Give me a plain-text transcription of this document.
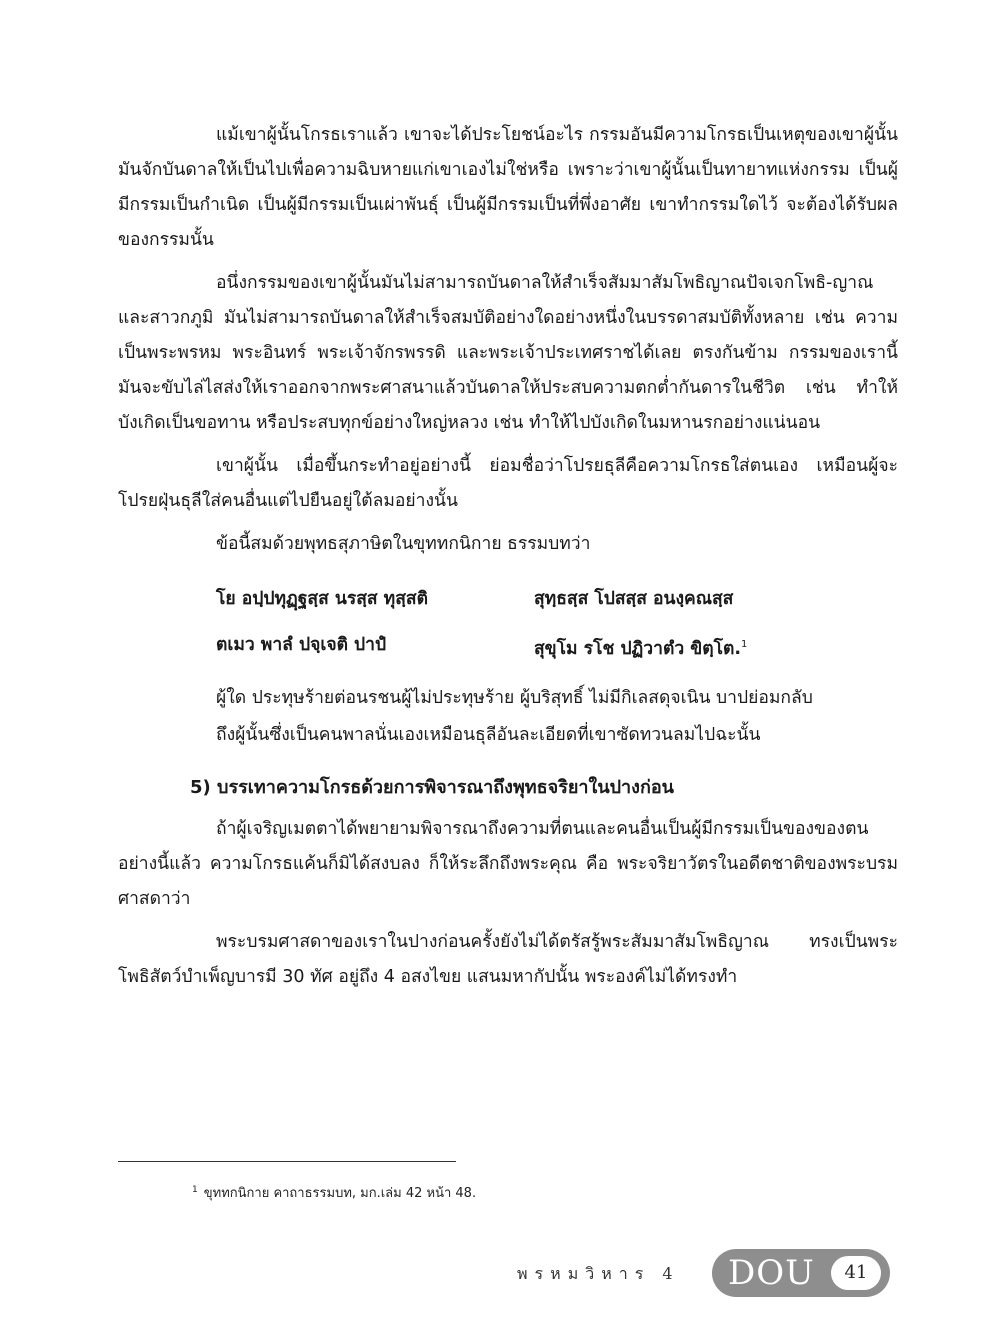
แม้เขาผู้นั้นโกรธเราแล้ว เขาจะได้ประโยชน์อะไร กรรมอันมีความโกรธเป็นเหตุของเขาผู้นั้น มันจักบันดาลให้เป็นไปเพื่อความฉิบหายแก่เขาเองไม่ใช่หรือ เพราะว่าเขาผู้นั้นเป็นทายาทแห่งกรรม เป็นผู้มีกรรมเป็นกำเนิด เป็นผู้มีกรรมเป็นเผ่าพันธุ์ เป็นผู้มีกรรมเป็นที่พึ่งอาศัย เขาทำกรรมใดไว้ จะต้องได้รับผลของกรรมนั้น

อนึ่งกรรมของเขาผู้นั้นมันไม่สามารถบันดาลให้สำเร็จสัมมาสัมโพธิญาณปัจเจกโพธิ-ญาณ และสาวกภูมิ มันไม่สามารถบันดาลให้สำเร็จสมบัติอย่างใดอย่างหนึ่งในบรรดาสมบัติทั้งหลาย เช่น ความเป็นพระพรหม พระอินทร์ พระเจ้าจักรพรรดิ และพระเจ้าประเทศราชได้เลย ตรงกันข้าม กรรมของเรานี้ มันจะขับไล่ไสส่งให้เราออกจากพระศาสนาแล้วบันดาลให้ประสบความตกต่ำกันดารในชีวิต เช่น ทำให้บังเกิดเป็นขอทาน หรือประสบทุกข์อย่างใหญ่หลวง เช่น ทำให้ไปบังเกิดในมหานรกอย่างแน่นอน

เขาผู้นั้น เมื่อขึ้นกระทำอยู่อย่างนี้ ย่อมชื่อว่าโปรยธุลีคือความโกรธใส่ตนเอง เหมือนผู้จะโปรยฝุ่นธุลีใส่คนอื่นแต่ไปยืนอยู่ใต้ลมอย่างนั้น

ข้อนี้สมด้วยพุทธสุภาษิตในขุททกนิกาย ธรรมบทว่า

โย อปฺปทุฏฺฐสฺส นรสฺส ทุสฺสติ	สุทฺธสฺส โปสสฺส อนงฺคณสฺส
ตเมว พาลํ ปจฺเจติ ปาปํ	สุขุโม รโช ปฏิวาตํว ขิตฺโต.$^1$

ผู้ใด ประทุษร้ายต่อนรชนผู้ไม่ประทุษร้าย ผู้บริสุทธิ์ ไม่มีกิเลสดุจเนิน บาปย่อมกลับถึงผู้นั้นซึ่งเป็นคนพาลนั่นเองเหมือนธุลีอันละเอียดที่เขาซัดทวนลมไปฉะนั้น

5) บรรเทาความโกรธด้วยการพิจารณาถึงพุทธจริยาในปางก่อน

ถ้าผู้เจริญเมตตาได้พยายามพิจารณาถึงความที่ตนและคนอื่นเป็นผู้มีกรรมเป็นของของตนอย่างนี้แล้ว ความโกรธแค้นก็มิได้สงบลง ก็ให้ระลึกถึงพระคุณ คือ พระจริยาวัตรในอดีตชาติของพระบรมศาสดาว่า

พระบรมศาสดาของเราในปางก่อนครั้งยังไม่ได้ตรัสรู้พระสัมมาสัมโพธิญาณ ทรงเป็นพระโพธิสัตว์บำเพ็ญบารมี 30 ทัศ อยู่ถึง 4 อสงไขย แสนมหากัปนั้น พระองค์ไม่ได้ทรงทำ

$^1$ ขุททกนิกาย คาถาธรรมบท, มก.เล่ม 42 หน้า 48.
พรหมวิหาร 4 DOU	41
